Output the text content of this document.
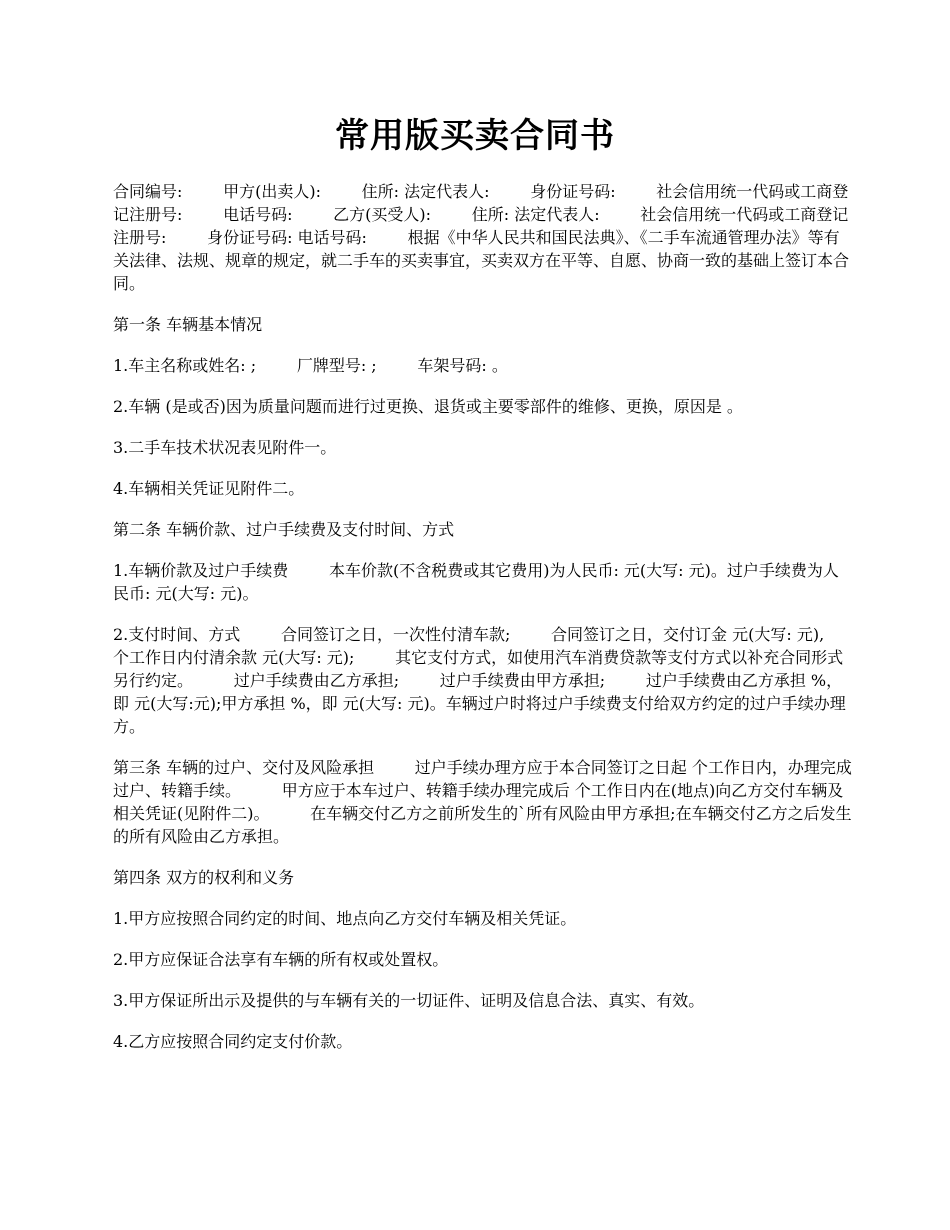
常用版买卖合同书

合同编号:        甲方(出卖人):        住所: 法定代表人:        身份证号码:        社会信用统一代码或工商登记注册号:        电话号码:        乙方(买受人):        住所: 法定代表人:        社会信用统一代码或工商登记注册号:        身份证号码: 电话号码:        根据《中华人民共和国民法典》、《二手车流通管理办法》等有关法律、法规、规章的规定，就二手车的买卖事宜，买卖双方在平等、自愿、协商一致的基础上签订本合同。

第一条 车辆基本情况

1.车主名称或姓名: ;        厂牌型号: ;        车架号码: 。

2.车辆 (是或否)因为质量问题而进行过更换、退货或主要零部件的维修、更换，原因是 。

3.二手车技术状况表见附件一。

4.车辆相关凭证见附件二。

第二条 车辆价款、过户手续费及支付时间、方式

1.车辆价款及过户手续费        本车价款(不含税费或其它费用)为人民币: 元(大写: 元)。过户手续费为人民币: 元(大写: 元)。

2.支付时间、方式        合同签订之日，一次性付清车款;        合同签订之日，交付订金 元(大写: 元),        个工作日内付清余款 元(大写: 元);        其它支付方式，如使用汽车消费贷款等支付方式以补充合同形式另行约定。        过户手续费由乙方承担;        过户手续费由甲方承担;        过户手续费由乙方承担 %，即 元(大写:元);甲方承担 %，即 元(大写: 元)。车辆过户时将过户手续费支付给双方约定的过户手续办理方。

第三条 车辆的过户、交付及风险承担        过户手续办理方应于本合同签订之日起 个工作日内，办理完成过户、转籍手续。        甲方应于本车过户、转籍手续办理完成后 个工作日内在(地点)向乙方交付车辆及相关凭证(见附件二)。        在车辆交付乙方之前所发生的`所有风险由甲方承担;在车辆交付乙方之后发生的所有风险由乙方承担。

第四条 双方的权利和义务

1.甲方应按照合同约定的时间、地点向乙方交付车辆及相关凭证。

2.甲方应保证合法享有车辆的所有权或处置权。

3.甲方保证所出示及提供的与车辆有关的一切证件、证明及信息合法、真实、有效。

4.乙方应按照合同约定支付价款。
